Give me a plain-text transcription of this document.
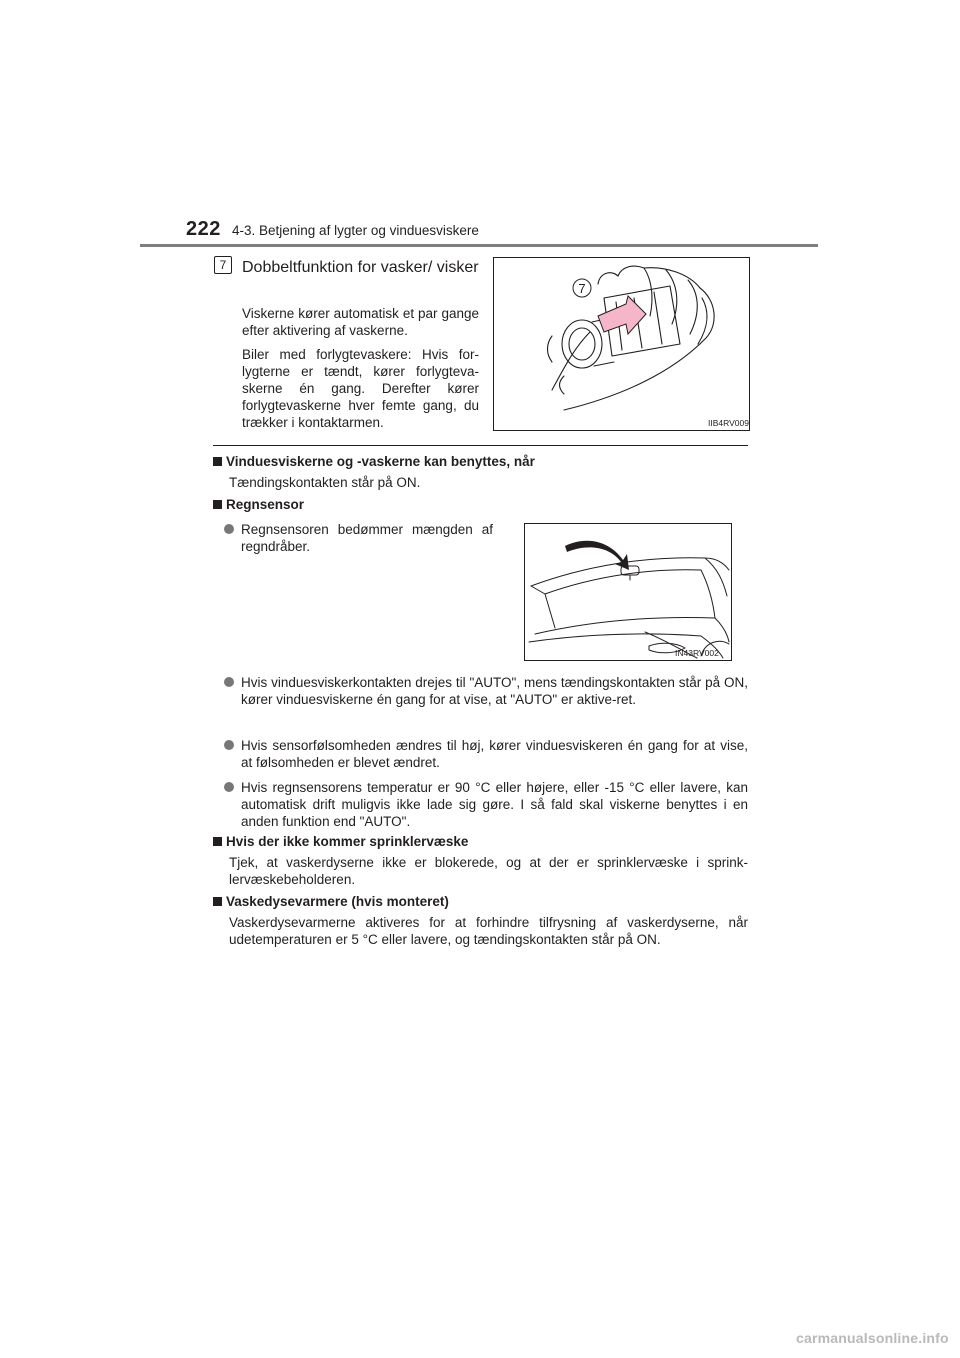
222 4-3. Betjening af lygter og vinduesviskere
7 Dobbeltfunktion for vasker/ visker
Viskerne kører automatisk et par gange efter aktivering af vaskerne.
Biler med forlygtevaskere: Hvis for-lygterne er tændt, kører forlygteva-skerne én gang. Derefter kører forlygtevaskerne hver femte gang, du trækker i kontaktarmen.
7
IIB4RV009
Vinduesviskerne og -vaskerne kan benyttes, når
Tændingskontakten står på ON.
Regnsensor
Regnsensoren bedømmer mængden af regndråber.
IN43RV002
Hvis vinduesviskerkontakten drejes til "AUTO", mens tændingskontakten står på ON, kører vinduesviskerne én gang for at vise, at "AUTO" er aktive-ret.
Hvis sensorfølsomheden ændres til høj, kører vinduesviskeren én gang for at vise, at følsomheden er blevet ændret.
Hvis regnsensorens temperatur er 90 °C eller højere, eller -15 °C eller lavere, kan automatisk drift muligvis ikke lade sig gøre. I så fald skal viskerne benyttes i en anden funktion end "AUTO".
Hvis der ikke kommer sprinklervæske
Tjek, at vaskerdyserne ikke er blokerede, og at der er sprinklervæske i sprink-lervæskebeholderen.
Vaskedysevarmere (hvis monteret)
Vaskerdysevarmerne aktiveres for at forhindre tilfrysning af vaskerdyserne, når udetemperaturen er 5 °C eller lavere, og tændingskontakten står på ON.
carmanualsonline.info
